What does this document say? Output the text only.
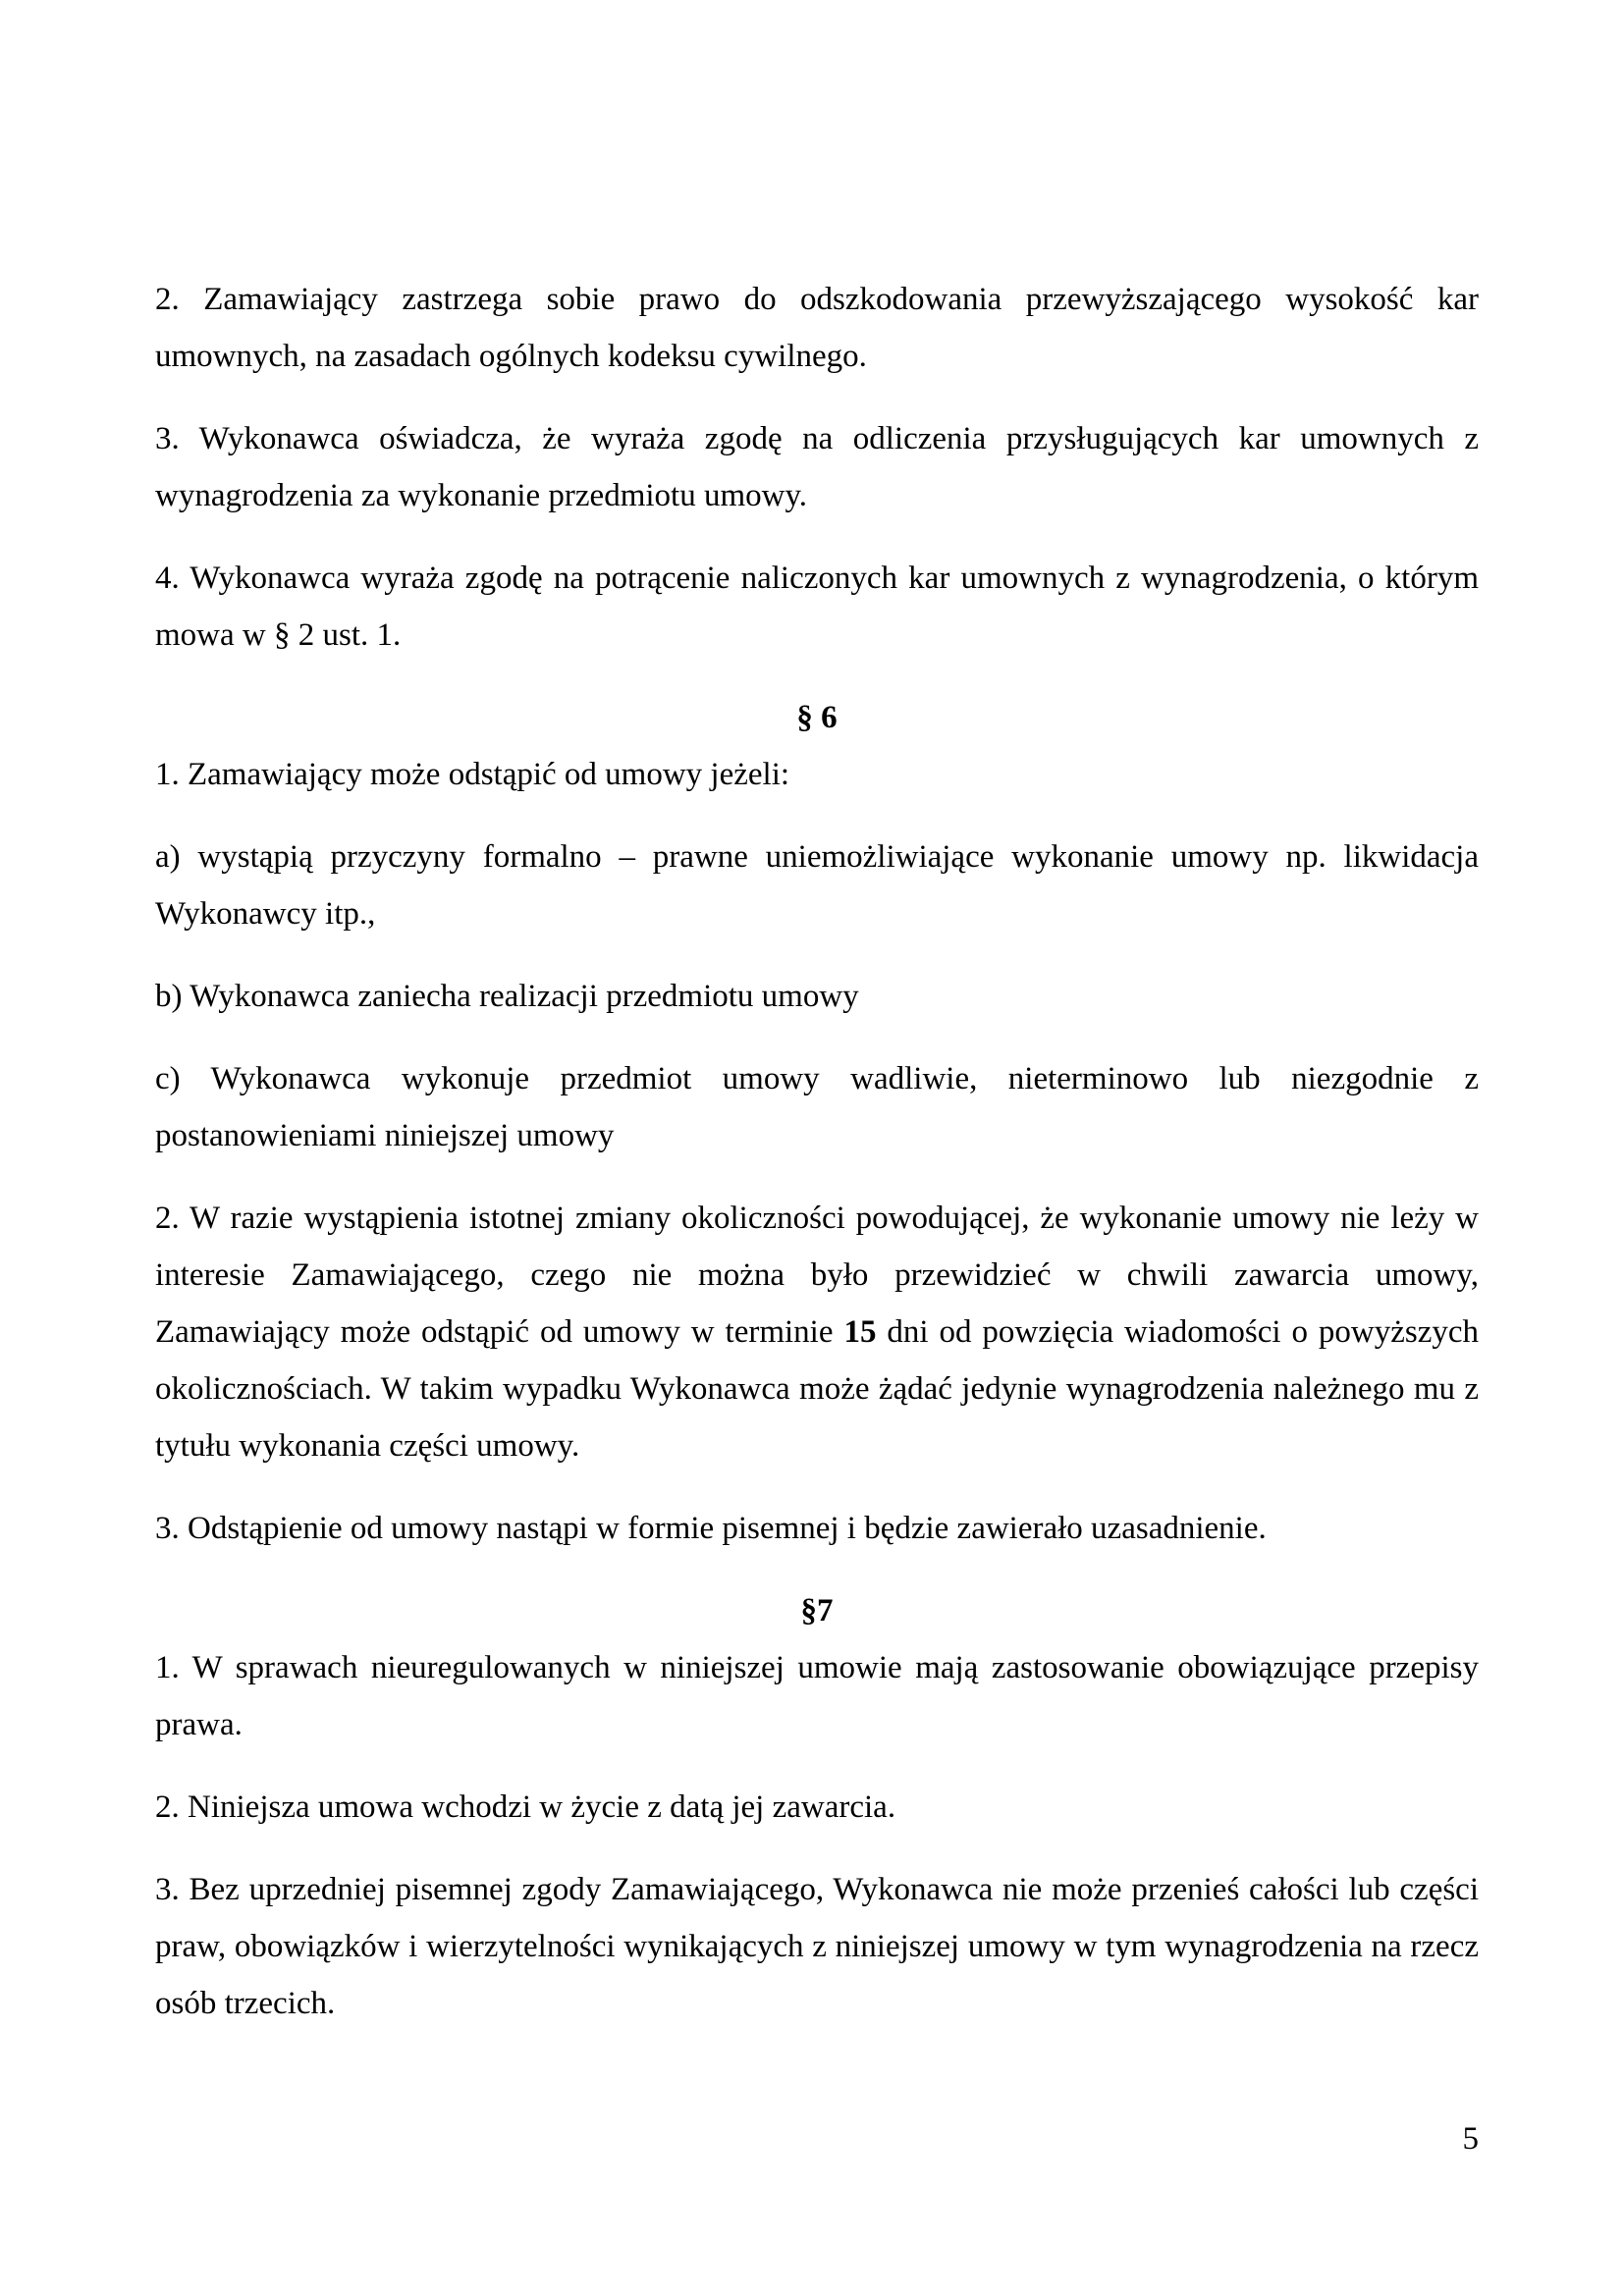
2. Zamawiający zastrzega sobie prawo do odszkodowania przewyższającego wysokość kar umownych, na zasadach ogólnych kodeksu cywilnego.

3. Wykonawca oświadcza, że wyraża zgodę na odliczenia przysługujących kar umownych z wynagrodzenia za wykonanie przedmiotu umowy.

4. Wykonawca wyraża zgodę na potrącenie naliczonych kar umownych z wynagrodzenia, o którym mowa w § 2 ust. 1.

§ 6

1. Zamawiający może odstąpić od umowy jeżeli:

a) wystąpią przyczyny formalno – prawne uniemożliwiające wykonanie umowy np. likwidacja Wykonawcy itp.,

b) Wykonawca zaniecha realizacji przedmiotu umowy

c) Wykonawca wykonuje przedmiot umowy wadliwie, nieterminowo lub niezgodnie z postanowieniami niniejszej umowy

2. W razie wystąpienia istotnej zmiany okoliczności powodującej, że wykonanie umowy nie leży w interesie Zamawiającego, czego nie można było przewidzieć w chwili zawarcia umowy, Zamawiający może odstąpić od umowy w terminie 15 dni od powzięcia wiadomości o powyższych okolicznościach. W takim wypadku Wykonawca może żądać jedynie wynagrodzenia należnego mu z tytułu wykonania części umowy.

3. Odstąpienie od umowy nastąpi w formie pisemnej i będzie zawierało uzasadnienie.

§7

1. W sprawach nieuregulowanych w niniejszej umowie mają zastosowanie obowiązujące przepisy prawa.

2. Niniejsza umowa wchodzi w życie z datą jej zawarcia.

3. Bez uprzedniej pisemnej zgody Zamawiającego, Wykonawca nie może przenieś całości lub części praw, obowiązków i wierzytelności wynikających z niniejszej umowy w tym wynagrodzenia na rzecz osób trzecich.

5
